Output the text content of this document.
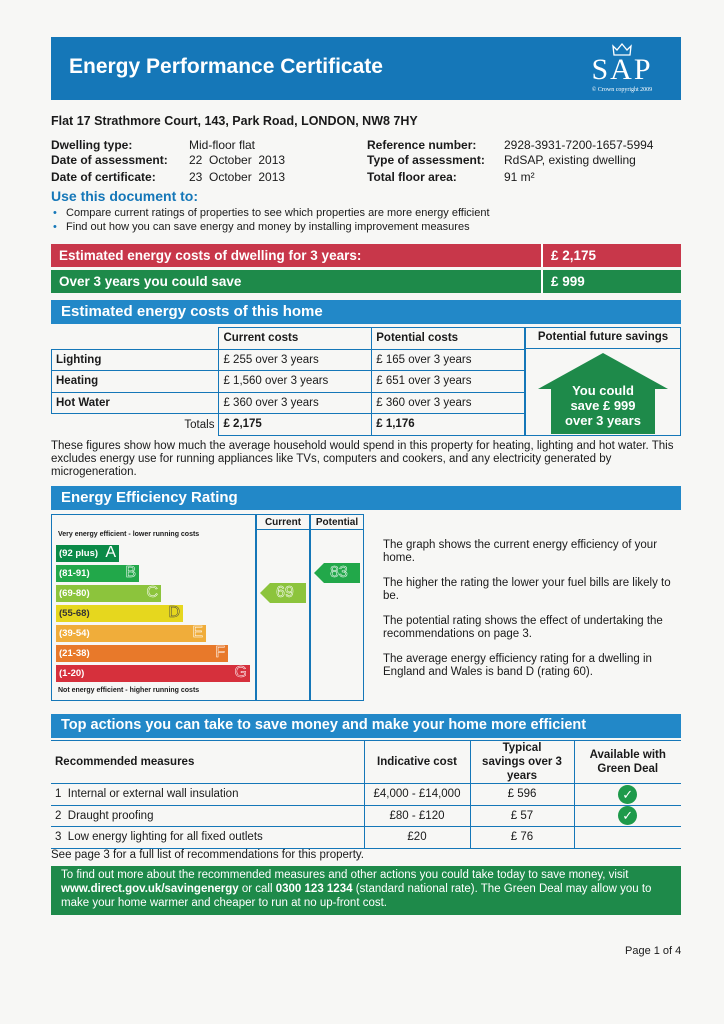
Energy Performance Certificate	SAP
© Crown copyright 2009
Flat 17 Strathmore Court, 143, Park Road, LONDON, NW8 7HY
Dwelling type:	Mid-floor flat
Date of assessment: 22  October  2013
Date of certificate:	23  October  2013
Reference number: 2928-3931-7200-1657-5994
Type of assessment: RdSAP, existing dwelling
Total floor area:	91 m²
Use this document to:
• Compare current ratings of properties to see which properties are more energy efficient
• Find out how you can save energy and money by installing improvement measures
Estimated energy costs of dwelling for 3 years:	£ 2,175
Over 3 years you could save	£ 999
Estimated energy costs of this home
	Current costs	Potential costs
Lighting	£ 255 over 3 years	£ 165 over 3 years
Heating	£ 1,560 over 3 years	£ 651 over 3 years
Hot Water	£ 360 over 3 years	£ 360 over 3 years
Totals	£ 2,175	£ 1,176
Potential future savings
You could
save £ 999
over 3 years
These figures show how much the average household would spend in this property for heating, lighting and hot water. This excludes energy use for running appliances like TVs, computers and cookers, and any electricity generated by microgeneration.
Energy Efficiency Rating
Current	Potential
Very energy efficient - lower running costs
Not energy efficient - higher running costs
(92 plus) A
(81-91) B
(69-80)	C
(55-68)	D
(39-54)	E
(21-38)	F
(1-20)	G
69
83

The graph shows the current energy efficiency of your home.

The higher the rating the lower your fuel bills are likely to be.

The potential rating shows the effect of undertaking the recommendations on page 3.

The average energy efficiency rating for a dwelling in England and Wales is band D (rating 60).

Top actions you can take to save money and make your home more efficient
Recommended measures	Indicative cost	Typical savings over 3 years	Available with Green Deal
1 Internal or external wall insulation	£4,000 - £14,000	£ 596	✓
2 Draught proofing	£80 - £120	£ 57	✓
3 Low energy lighting for all fixed outlets	£20	£ 76	
See page 3 for a full list of recommendations for this property.
To find out more about the recommended measures and other actions you could take today to save money, visit www.direct.gov.uk/savingenergy or call 0300 123 1234 (standard national rate). The Green Deal may allow you to make your home warmer and cheaper to run at no up-front cost.
Page 1 of 4
